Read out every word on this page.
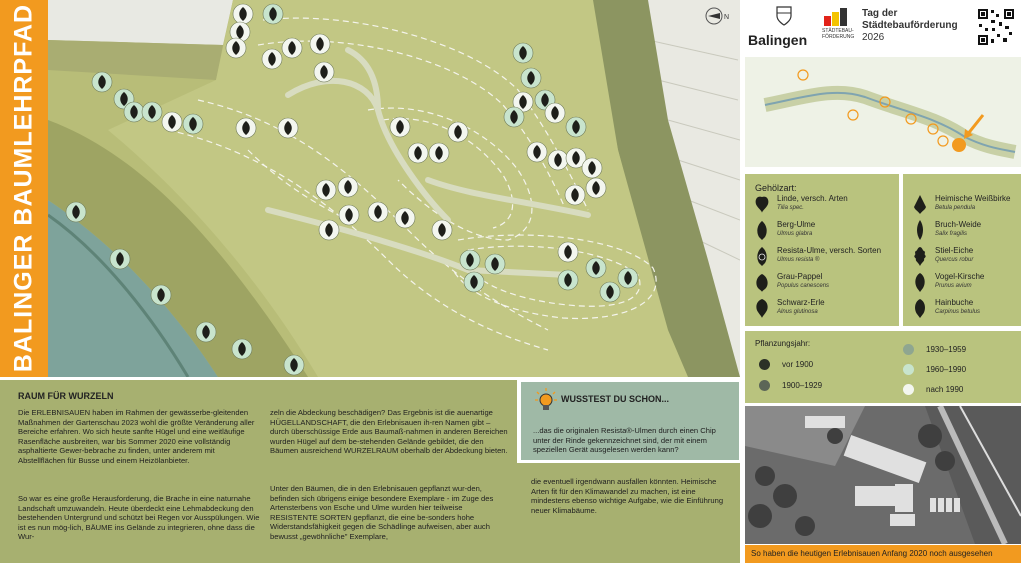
BALINGER BAUMLEHRPFAD	N
Balingen
STÄDTEBAU-FÖRDERUNG
Tag der
Städtebauförderung
2026
Gehölzart:
Linde, versch. Arten
Tilia spec.
Berg-Ulme
Ulmus glabra
Resista-Ulme, versch. Sorten
Ulmus resista ®
Grau-Pappel
Populus canescens
Schwarz-Erle
Alnus glutinosa
Heimische Weißbirke
Betula pendula
Bruch-Weide
Salix fragilis
Stiel-Eiche
Quercus robur
Vogel-Kirsche
Prunus avium
Hainbuche
Carpinus betulus
Pflanzungsjahr:
vor 1900
1900–1929
1930–1959
1960–1990
nach 1990
RAUM FÜR WURZELN
Die ERLEBNISAUEN haben im Rahmen der gewässerbe-gleitenden Maßnahmen der Gartenschau 2023 wohl die größte Veränderung aller Bereiche erfahren. Wo sich heute sanfte Hügel und eine weitläufige Rasenfläche ausbreiten, war bis Sommer 2020 eine vollständig asphaltierte Gewer-bebrache zu finden, unter anderem mit Abstellflächen für Busse und einem Heizölanbieter.
So war es eine große Herausforderung, die Brache in eine naturnahe Landschaft umzuwandeln. Heute überdeckt eine Lehmabdeckung den bestehenden Untergrund und schützt bei Regen vor Ausspülungen. Wie ist es nun mög-lich, BÄUME ins Gelände zu integrieren, ohne dass die Wur-
zeln die Abdeckung beschädigen? Das Ergebnis ist die auenartige HÜGELLANDSCHAFT, die den Erlebnisauen ih-ren Namen gibt – durch überschüssige Erde aus Baumaß-nahmen in anderen Bereichen wurden Hügel auf dem be-stehenden Gelände gebildet, die den Bäumen ausreichend WURZELRAUM oberhalb der Abdeckung bieten.
Unter den Bäumen, die in den Erlebnisauen gepflanzt wur-den, befinden sich übrigens einige besondere Exemplare - im Zuge des Artensterbens von Esche und Ulme wurden hier teilweise RESISTENTE SORTEN gepflanzt, die eine be-sonders hohe Widerstandsfähigkeit gegen die Schädlinge aufweisen, aber auch bewusst „gewöhnliche" Exemplare,
die eventuell irgendwann ausfallen könnten. Heimische Arten fit für den Klimawandel zu machen, ist eine mindestens ebenso wichtige Aufgabe, wie die Einführung neuer Klimabäume.
WUSSTEST DU SCHON...
...das die originalen Resista®-Ulmen durch einen Chip unter der Rinde gekennzeichnet sind, der mit einem speziellen Gerät ausgelesen werden kann?
So haben die heutigen Erlebnisauen Anfang 2020 noch ausgesehen
